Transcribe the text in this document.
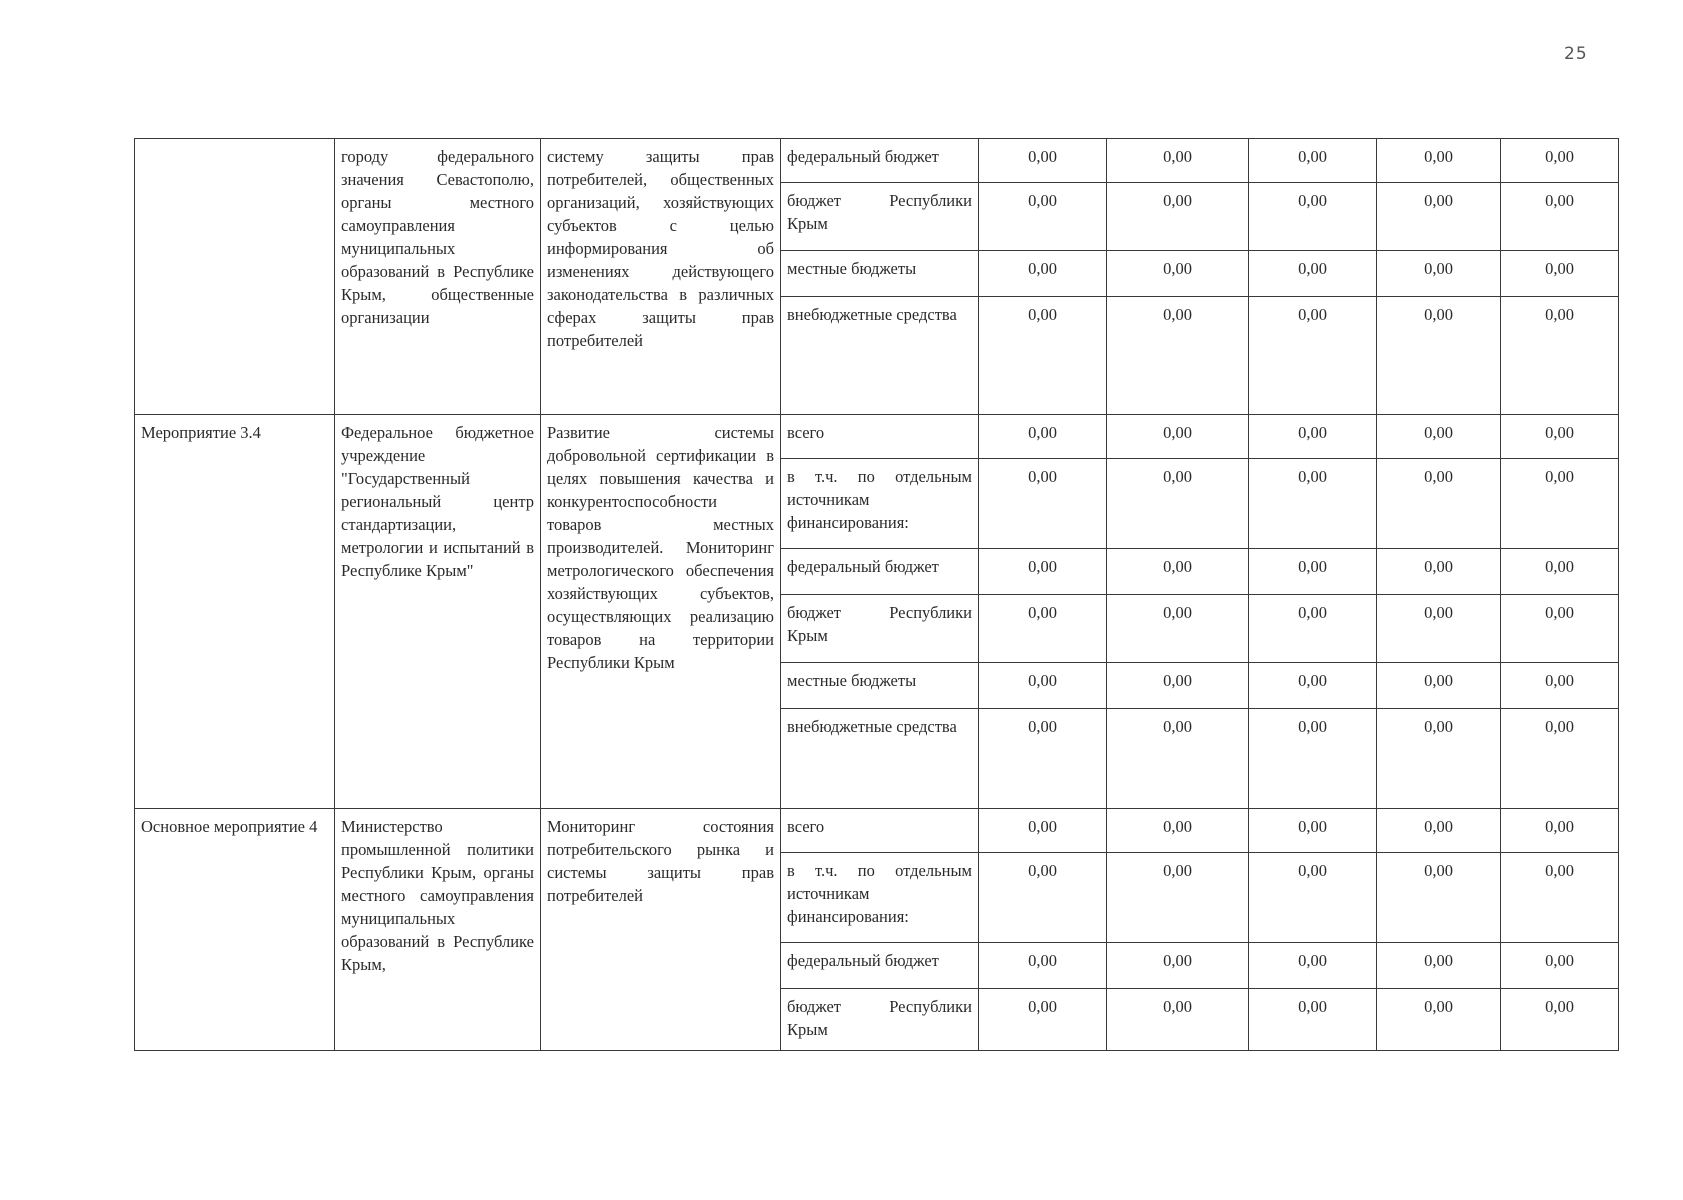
25

	городу федерального значения Севастополю, органы местного самоуправления муниципальных образований в Республике Крым, общественные организации	систему защиты прав потребителей, общественных организаций, хозяйствующих субъектов с целью информирования об изменениях действующего законодательства в различных сферах защиты прав потребителей	федеральный бюджет	0,00	0,00	0,00	0,00	0,00
			бюджет Республики Крым	0,00	0,00	0,00	0,00	0,00
			местные бюджеты	0,00	0,00	0,00	0,00	0,00
			внебюджетные средства	0,00	0,00	0,00	0,00	0,00

Мероприятие 3.4	Федеральное бюджетное учреждение "Государственный региональный центр стандартизации, метрологии и испытаний в Республике Крым"	Развитие системы добровольной сертификации в целях повышения качества и конкурентоспособности товаров местных производителей. Мониторинг метрологического обеспечения хозяйствующих субъектов, осуществляющих реализацию товаров на территории Республики Крым	всего	0,00	0,00	0,00	0,00	0,00
			в т.ч. по отдельным источникам финансирования:	0,00	0,00	0,00	0,00	0,00
			федеральный бюджет	0,00	0,00	0,00	0,00	0,00
			бюджет Республики Крым	0,00	0,00	0,00	0,00	0,00
			местные бюджеты	0,00	0,00	0,00	0,00	0,00
			внебюджетные средства	0,00	0,00	0,00	0,00	0,00

Основное мероприятие 4	Министерство промышленной политики Республики Крым, органы местного самоуправления муниципальных образований в Республике Крым,	Мониторинг состояния потребительского рынка и системы защиты прав потребителей	всего	0,00	0,00	0,00	0,00	0,00
			в т.ч. по отдельным источникам финансирования:	0,00	0,00	0,00	0,00	0,00
			федеральный бюджет	0,00	0,00	0,00	0,00	0,00
			бюджет Республики Крым	0,00	0,00	0,00	0,00	0,00
